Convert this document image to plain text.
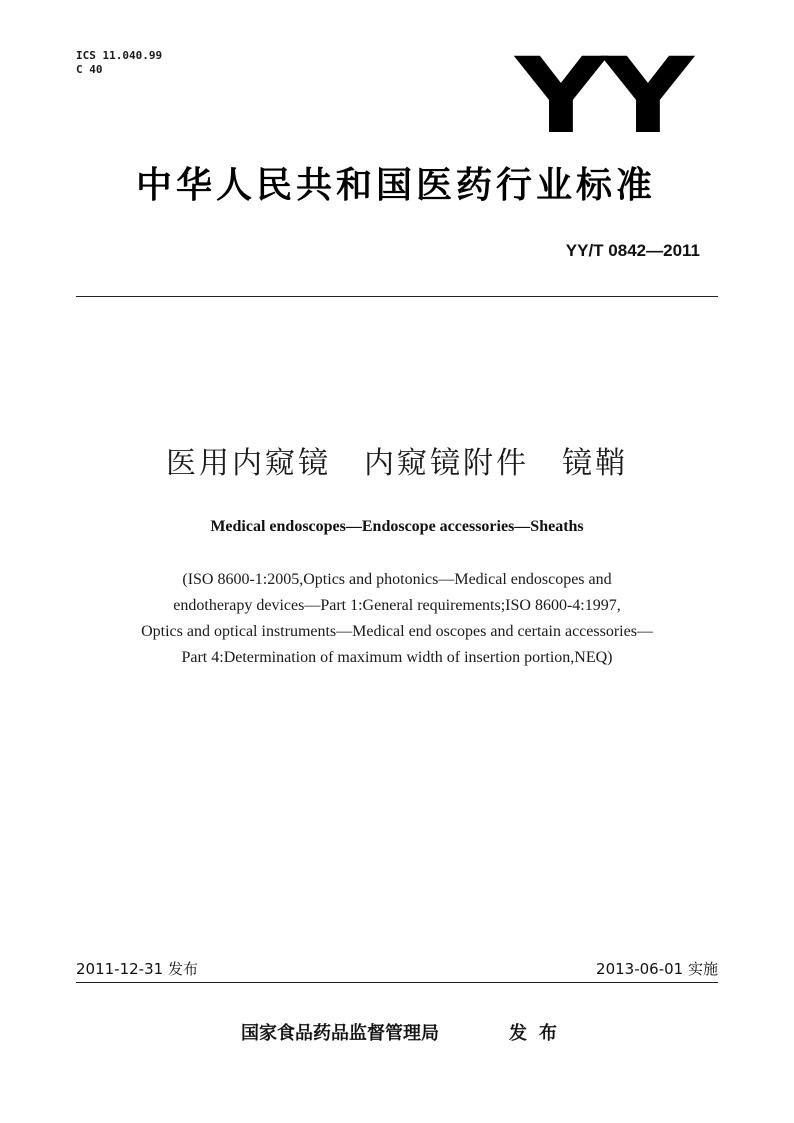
ICS 11.040.99
C 40	YY
中华人民共和国医药行业标准
YY/T 0842—2011
医用内窥镜　内窥镜附件　镜鞘
Medical endoscopes—Endoscope accessories—Sheaths
(ISO 8600-1:2005,Optics and photonics—Medical endoscopes and
endotherapy devices—Part 1:General requirements;ISO 8600-4:1997,
Optics and optical instruments—Medical end oscopes and certain accessories—
Part 4:Determination of maximum width of insertion portion,NEQ)
2011-12-31 发布	2013-06-01 实施
国家食品药品监督管理局	发布
